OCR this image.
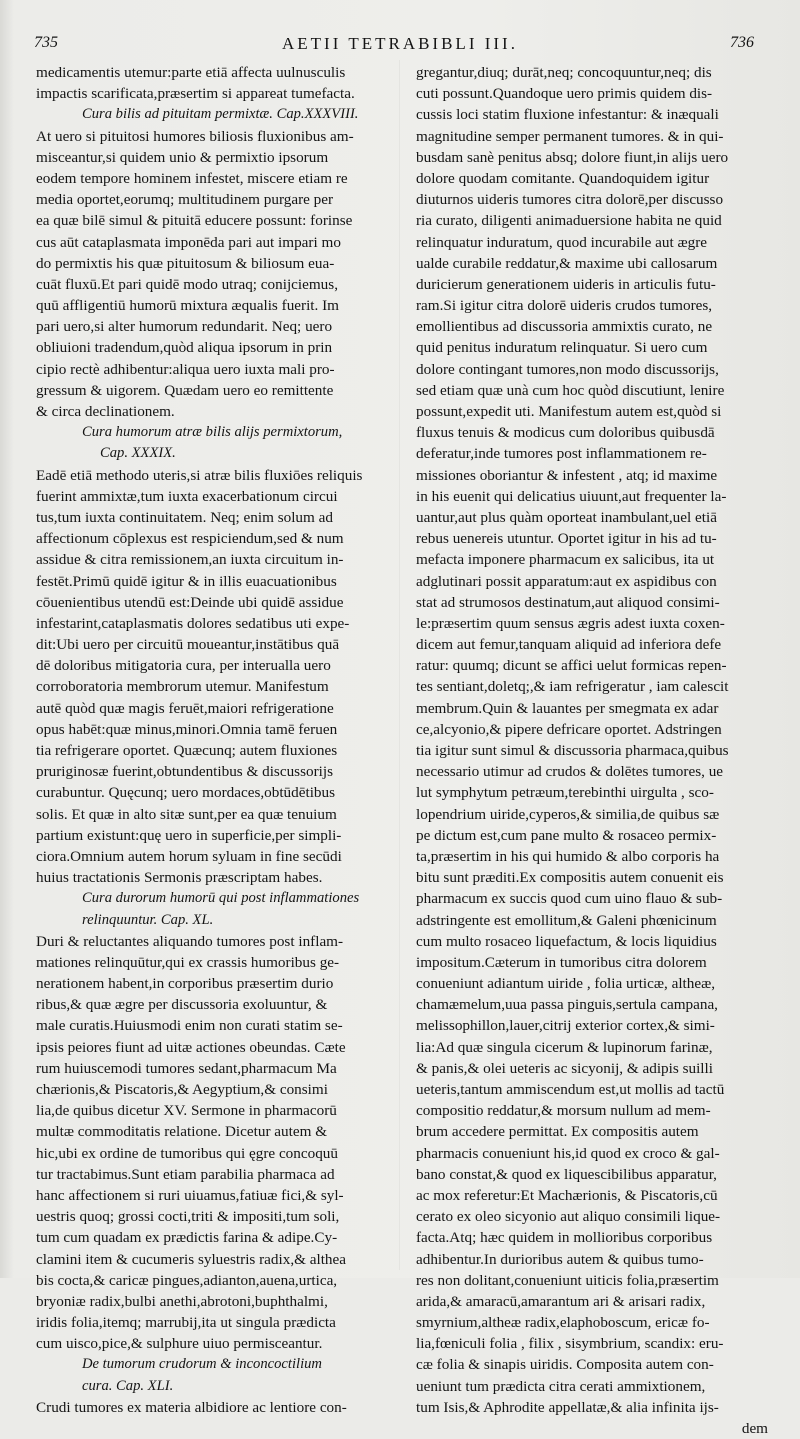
735	AETII TETRABIBLI III.	736
medicamentis utemur:parte etiā affecta uulnusculis
impactis scarificata,præsertim si appareat tumefacta.
Cura bilis ad pituitam permixtæ. Cap.XXXVIII.
At uero si pituitosi humores biliosis fluxionibus am-
misceantur,si quidem unio & permixtio ipsorum
eodem tempore hominem infestet, miscere etiam re
media oportet,eorumq; multitudinem purgare per
ea quæ bilē simul & pituitā educere possunt: forinse
cus aūt cataplasmata imponēda pari aut impari mo
do permixtis his quæ pituitosum & biliosum eua-
cuāt fluxū.Et pari quidē modo utraq; conijciemus,
quū affligentiū humorū mixtura æqualis fuerit. Im
pari uero,si alter humorum redundarit. Neq; uero
obliuioni tradendum,quòd aliqua ipsorum in prin
cipio rectè adhibentur:aliqua uero iuxta mali pro-
gressum & uigorem. Quædam uero eo remittente
& circa declinationem.
Cura humorum atræ bilis alijs permixtorum,
Cap. XXXIX.
Eadē etiā methodo uteris,si atræ bilis fluxiōes reliquis
fuerint ammixtæ,tum iuxta exacerbationum circui
tus,tum iuxta continuitatem. Neq; enim solum ad
affectionum cōplexus est respiciendum,sed & num
assidue & citra remissionem,an iuxta circuitum in-
festēt.Primū quidē igitur & in illis euacuationibus
cōuenientibus utendū est:Deinde ubi quidē assidue
infestarint,cataplasmatis dolores sedatibus uti expe-
dit:Ubi uero per circuitū moueantur,instātibus quā
dē doloribus mitigatoria cura, per interualla uero
corroboratoria membrorum utemur. Manifestum
autē quòd quæ magis feruēt,maiori refrigeratione
opus habēt:quæ minus,minori.Omnia tamē feruen
tia refrigerare oportet. Quæcunq; autem fluxiones
pruriginosæ fuerint,obtundentibus & discussorijs
curabuntur. Quęcunq; uero mordaces,obtūdētibus
solis. Et quæ in alto sitæ sunt,per ea quæ tenuium
partium existunt:quę uero in superficie,per simpli-
ciora.Omnium autem horum syluam in fine secūdi
huius tractationis Sermonis præscriptam habes.
Cura durorum humorū qui post inflammationes
relinquuntur. Cap. XL.
Duri & reluctantes aliquando tumores post inflam-
mationes relinquūtur,qui ex crassis humoribus ge-
nerationem habent,in corporibus præsertim durio
ribus,& quæ ægre per discussoria exoluuntur, &
male curatis.Huiusmodi enim non curati statim se-
ipsis peiores fiunt ad uitæ actiones obeundas. Cæte
rum huiuscemodi tumores sedant,pharmacum Ma
chærionis,& Piscatoris,& Aegyptium,& consimi
lia,de quibus dicetur XV. Sermone in pharmacorū
multæ commoditatis relatione. Dicetur autem &
hic,ubi ex ordine de tumoribus qui ęgre concoquū
tur tractabimus.Sunt etiam parabilia pharmaca ad
hanc affectionem si ruri uiuamus,fatiuæ fici,& syl-
uestris quoq; grossi cocti,triti & impositi,tum soli,
tum cum quadam ex prædictis farina & adipe.Cy-
clamini item & cucumeris syluestris radix,& althea
bis cocta,& caricæ pingues,adianton,auena,urtica,
bryoniæ radix,bulbi anethi,abrotoni,buphthalmi,
iridis folia,itemq; marrubij,ita ut singula prædicta
cum uisco,pice,& sulphure uiuo permisceantur.
De tumorum crudorum & inconcoctilium
cura. Cap. XLI.
Crudi tumores ex materia albidiore ac lentiore con-
gregantur,diuq; durāt,neq; concoquuntur,neq; dis
cuti possunt.Quandoque uero primis quidem dis-
cussis loci statim fluxione infestantur: & inæquali
magnitudine semper permanent tumores. & in qui-
busdam sanè penitus absq; dolore fiunt,in alijs uero
dolore quodam comitante. Quandoquidem igitur
diuturnos uideris tumores citra dolorē,per discusso
ria curato, diligenti animaduersione habita ne quid
relinquatur induratum, quod incurabile aut ægre
ualde curabile reddatur,& maxime ubi callosarum
duricierum generationem uideris in articulis futu-
ram.Si igitur citra dolorē uideris crudos tumores,
emollientibus ad discussoria ammixtis curato, ne
quid penitus induratum relinquatur. Si uero cum
dolore contingant tumores,non modo discussorijs,
sed etiam quæ unà cum hoc quòd discutiunt, lenire
possunt,expedit uti. Manifestum autem est,quòd si
fluxus tenuis & modicus cum doloribus quibusdā
deferatur,inde tumores post inflammationem re-
missiones oboriantur & infestent , atq; id maxime
in his euenit qui delicatius uiuunt,aut frequenter la-
uantur,aut plus quàm oporteat inambulant,uel etiā
rebus uenereis utuntur. Oportet igitur in his ad tu-
mefacta imponere pharmacum ex salicibus, ita ut
adglutinari possit apparatum:aut ex aspidibus con
stat ad strumosos destinatum,aut aliquod consimi-
le:præsertim quum sensus ægris adest iuxta coxen-
dicem aut femur,tanquam aliquid ad inferiora defe
ratur: quumq; dicunt se affici uelut formicas repen-
tes sentiant,doletq;,& iam refrigeratur , iam calescit
membrum.Quin & lauantes per smegmata ex adar
ce,alcyonio,& pipere defricare oportet. Adstringen
tia igitur sunt simul & discussoria pharmaca,quibus
necessario utimur ad crudos & dolētes tumores, ue
lut symphytum petræum,terebinthi uirgulta , sco-
lopendrium uiride,cyperos,& similia,de quibus sæ
pe dictum est,cum pane multo & rosaceo permix-
ta,præsertim in his qui humido & albo corporis ha
bitu sunt præditi.Ex compositis autem conuenit eis
pharmacum ex succis quod cum uino flauo & sub-
adstringente est emollitum,& Galeni phœnicinum
cum multo rosaceo liquefactum, & locis liquidius
impositum.Cæterum in tumoribus citra dolorem
conueniunt adiantum uiride , folia urticæ, altheæ,
chamæmelum,uua passa pinguis,sertula campana,
melissophillon,lauer,citrij exterior cortex,& simi-
lia:Ad quæ singula cicerum & lupinorum farinæ,
& panis,& olei ueteris ac sicyonij, & adipis suilli
ueteris,tantum ammiscendum est,ut mollis ad tactū
compositio reddatur,& morsum nullum ad mem-
brum accedere permittat. Ex compositis autem
pharmacis conueniunt his,id quod ex croco & gal-
bano constat,& quod ex liquescibilibus apparatur,
ac mox referetur:Et Machærionis, & Piscatoris,cū
cerato ex oleo sicyonio aut aliquo consimili lique-
facta.Atq; hæc quidem in mollioribus corporibus
adhibentur.In durioribus autem & quibus tumo-
res non dolitant,conueniunt uiticis folia,præsertim
arida,& amaracū,amarantum ari & arisari radix,
smyrnium,altheæ radix,elaphoboscum, ericæ fo-
lia,fœniculi folia , filix , sisymbrium, scandix: eru-
cæ folia & sinapis uiridis. Composita autem con-
ueniunt tum prædicta citra cerati ammixtionem,
tum Isis,& Aphrodite appellatæ,& alia infinita ijs-
dem
